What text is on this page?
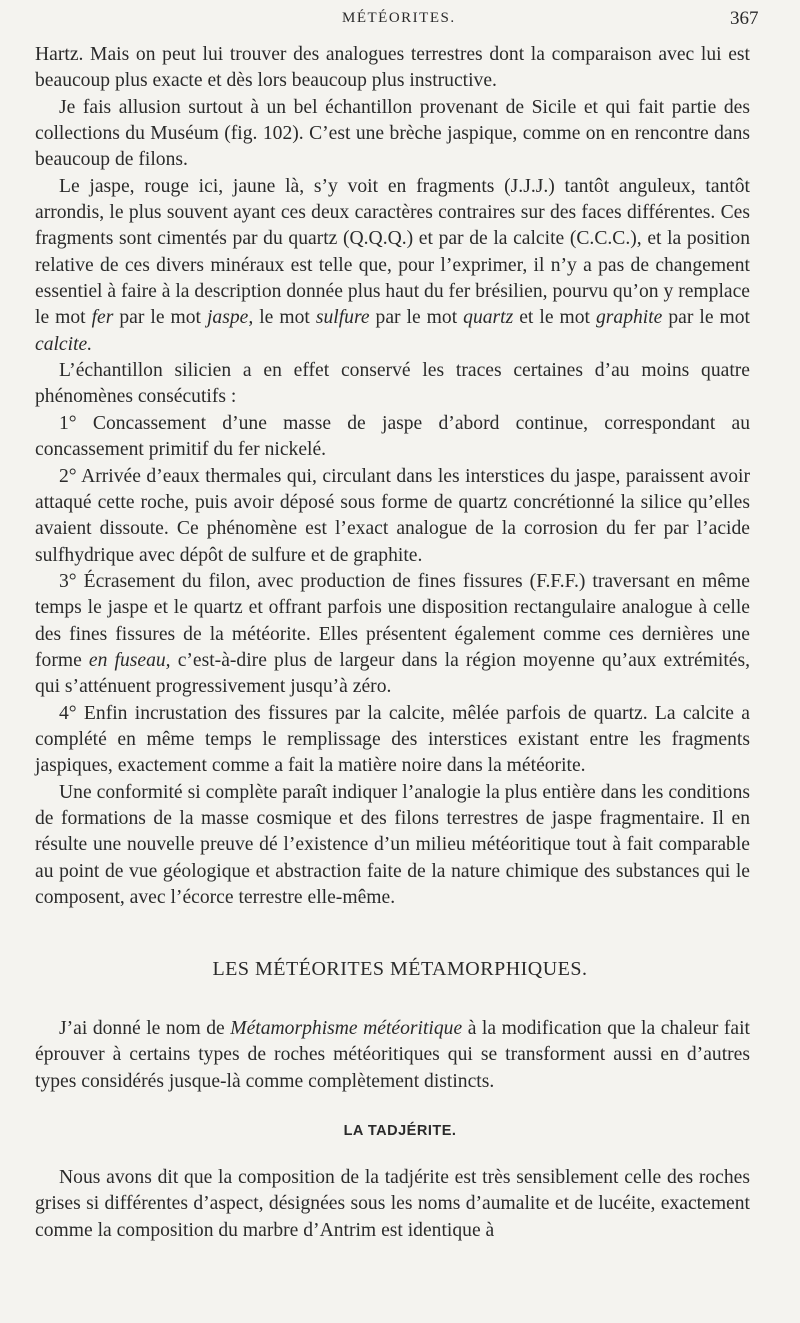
MÉTÉORITES.	367

Hartz. Mais on peut lui trouver des analogues terrestres dont la comparaison avec lui est beaucoup plus exacte et dès lors beaucoup plus instructive.

Je fais allusion surtout à un bel échantillon provenant de Sicile et qui fait partie des collections du Muséum (fig. 102). C’est une brèche jaspique, comme on en rencontre dans beaucoup de filons.

Le jaspe, rouge ici, jaune là, s’y voit en fragments (J.J.J.) tantôt anguleux, tantôt arrondis, le plus souvent ayant ces deux caractères contraires sur des faces différentes. Ces fragments sont cimentés par du quartz (Q.Q.Q.) et par de la calcite (C.C.C.), et la position relative de ces divers minéraux est telle que, pour l’exprimer, il n’y a pas de changement essentiel à faire à la description donnée plus haut du fer brésilien, pourvu qu’on y remplace le mot fer par le mot jaspe, le mot sulfure par le mot quartz et le mot graphite par le mot calcite.

L’échantillon silicien a en effet conservé les traces certaines d’au moins quatre phénomènes consécutifs :

1° Concassement d’une masse de jaspe d’abord continue, correspondant au concassement primitif du fer nickelé.

2° Arrivée d’eaux thermales qui, circulant dans les interstices du jaspe, paraissent avoir attaqué cette roche, puis avoir déposé sous forme de quartz concrétionné la silice qu’elles avaient dissoute. Ce phénomène est l’exact analogue de la corrosion du fer par l’acide sulfhydrique avec dépôt de sulfure et de graphite.

3° Écrasement du filon, avec production de fines fissures (F.F.F.) traversant en même temps le jaspe et le quartz et offrant parfois une disposition rectangulaire analogue à celle des fines fissures de la météorite. Elles présentent également comme ces dernières une forme en fuseau, c’est-à-dire plus de largeur dans la région moyenne qu’aux extrémités, qui s’atténuent progressivement jusqu’à zéro.

4° Enfin incrustation des fissures par la calcite, mêlée parfois de quartz. La calcite a complété en même temps le remplissage des interstices existant entre les fragments jaspiques, exactement comme a fait la matière noire dans la météorite.

Une conformité si complète paraît indiquer l’analogie la plus entière dans les conditions de formations de la masse cosmique et des filons terrestres de jaspe fragmentaire. Il en résulte une nouvelle preuve dé l’existence d’un milieu météoritique tout à fait comparable au point de vue géologique et abstraction faite de la nature chimique des substances qui le composent, avec l’écorce terrestre elle-même.

LES MÉTÉORITES MÉTAMORPHIQUES.

J’ai donné le nom de Métamorphisme météoritique à la modification que la chaleur fait éprouver à certains types de roches météoritiques qui se transforment aussi en d’autres types considérés jusque-là comme complètement distincts.

LA TADJÉRITE.

Nous avons dit que la composition de la tadjérite est très sensiblement celle des roches grises si différentes d’aspect, désignées sous les noms d’aumalite et de lucéite, exactement comme la composition du marbre d’Antrim est identique à
